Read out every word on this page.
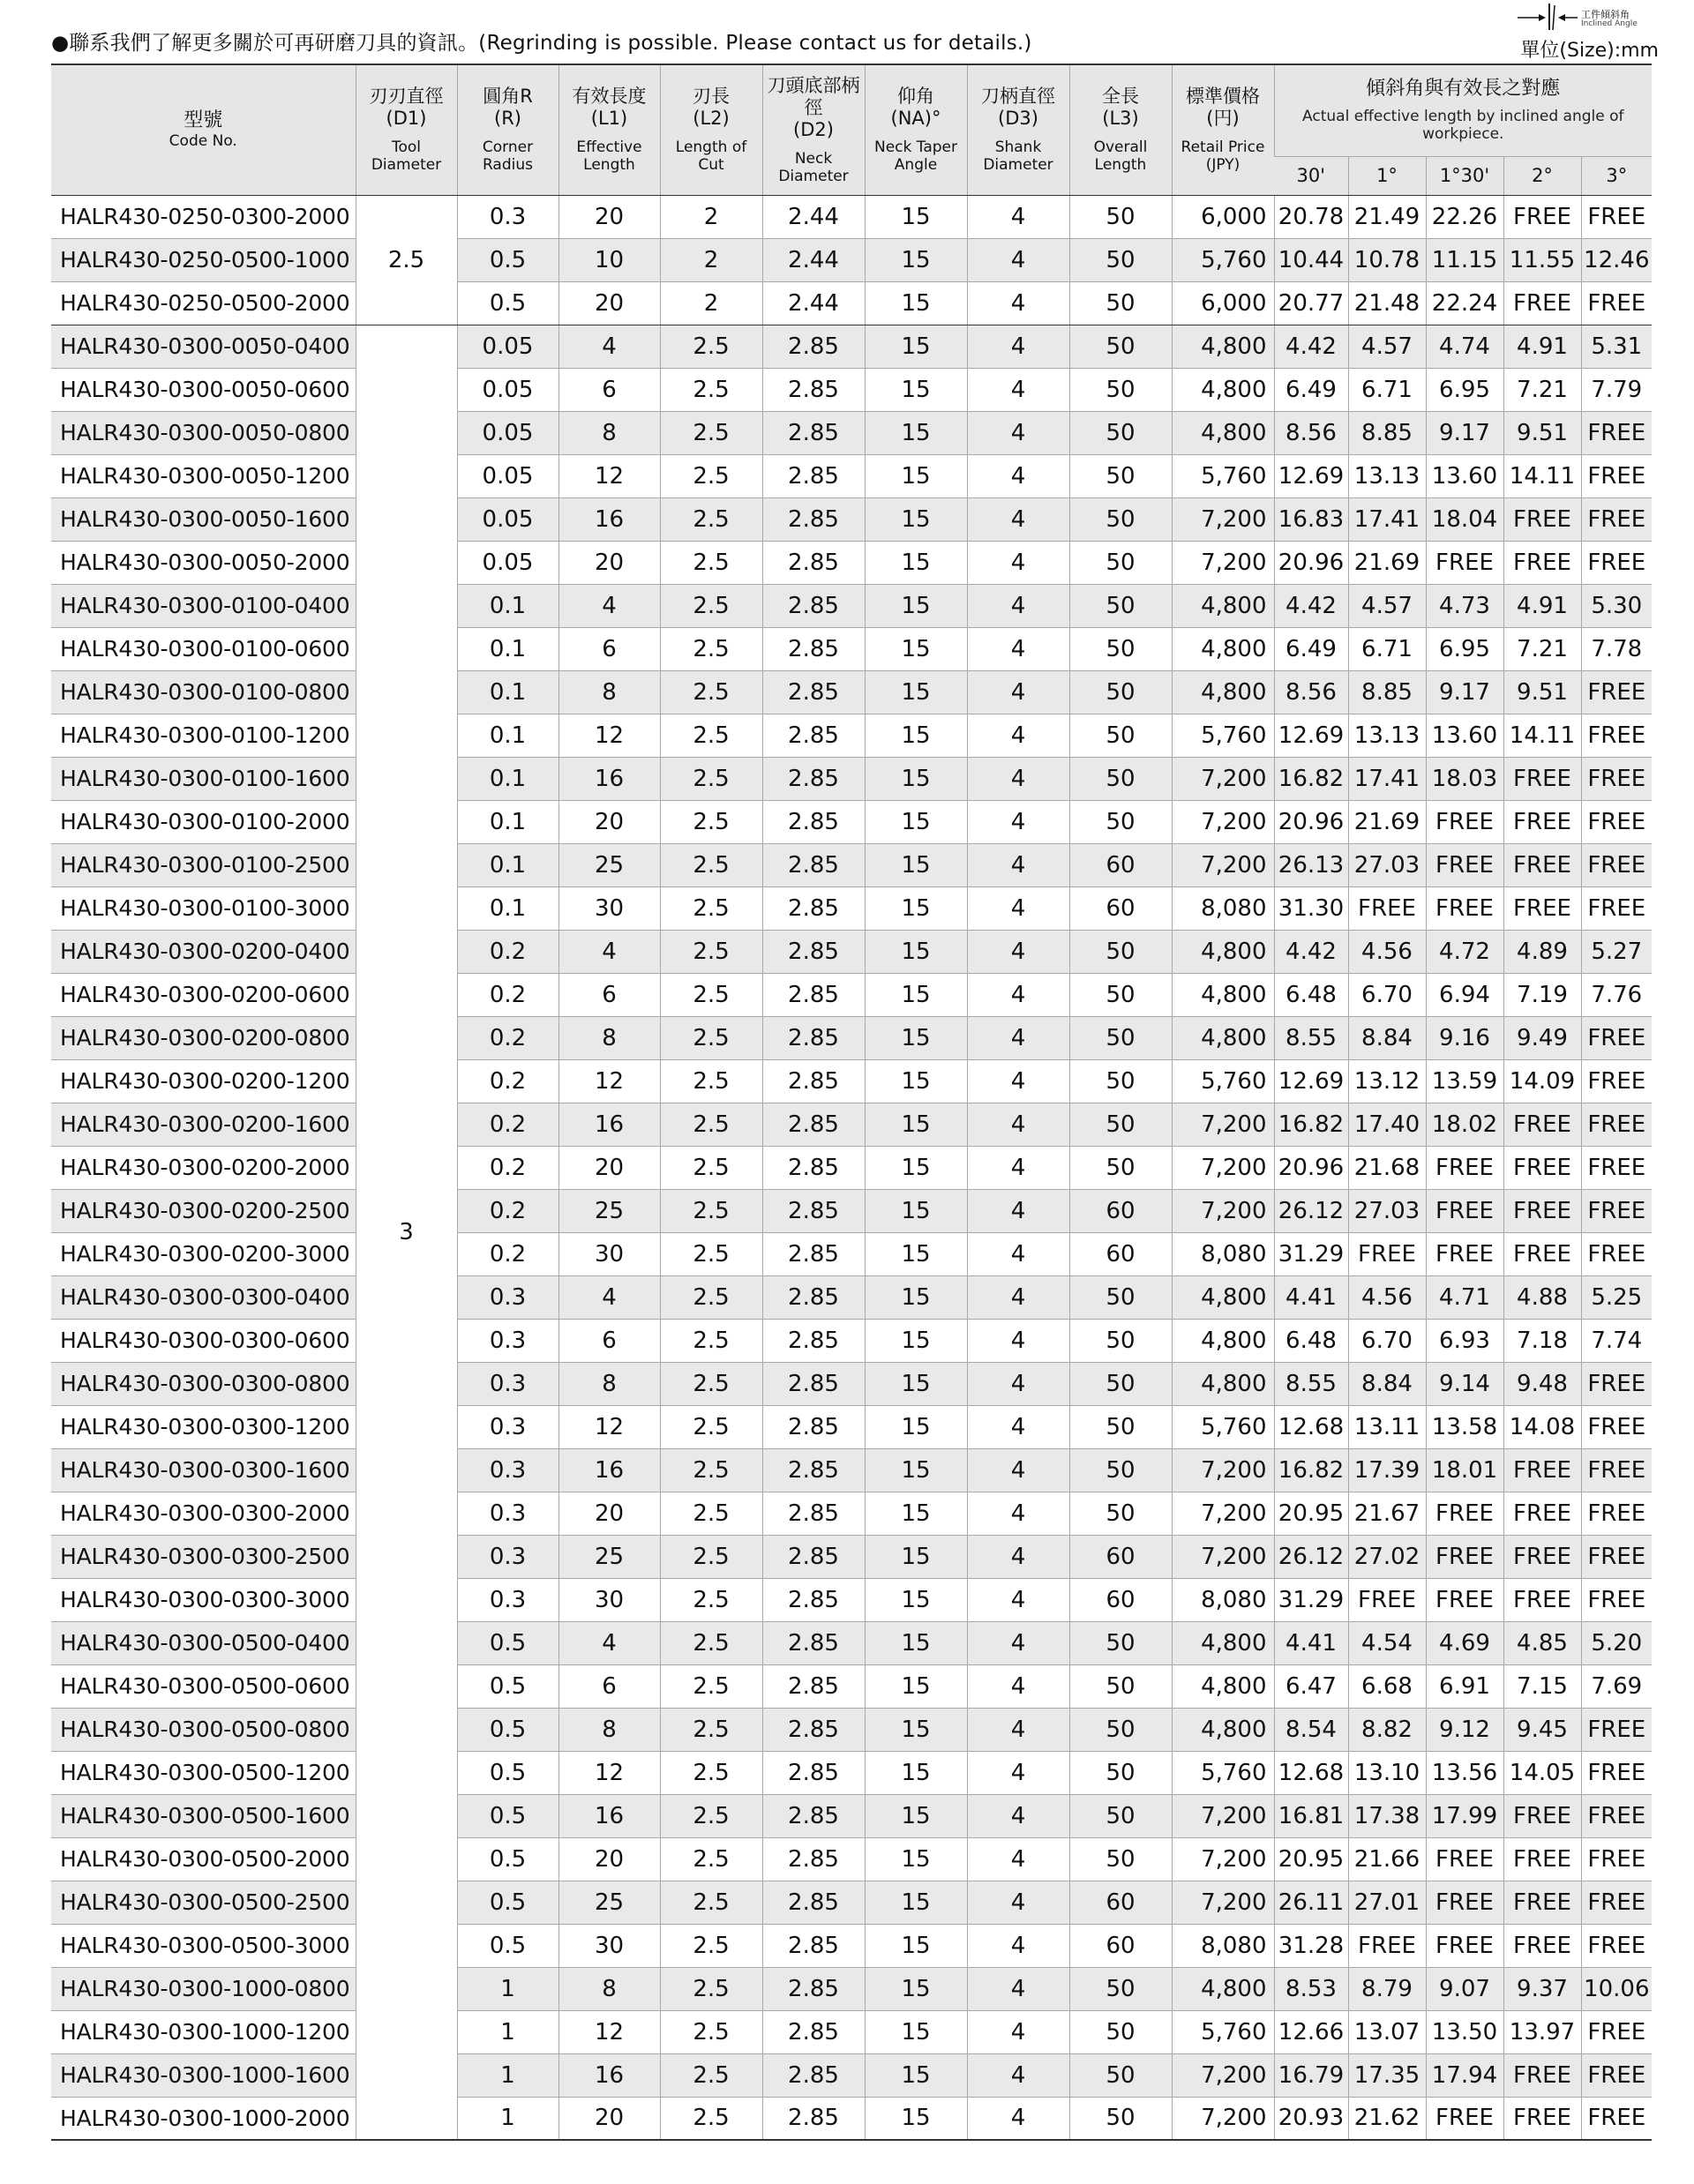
●聯系我們了解更多關於可再研磨刀具的資訊。(Regrinding is possible. Please contact us for details.)
工件傾斜角
Inclined Angle
單位(Size):mm
型號
Code No.	刃刃直徑
(D1)
Tool
Diameter	圓角R
(R)
Corner
Radius	有效長度
(L1)
Effective
Length	刃長
(L2)
Length of
Cut	刀頭底部柄徑
(D2)
Neck
Diameter	仰角
(NA)°
Neck Taper
Angle	刀柄直徑
(D3)
Shank
Diameter	全長
(L3)
Overall
Length	標準價格
(円)
Retail Price
(JPY)	傾斜角與有效長之對應
Actual effective length by inclined angle of workpiece.				

										30'	1°	1°30'	2°	3°
HALR430-0250-0300-2000	2.5	0.3	20	2	2.44	15	4	50	6,000	20.78	21.49	22.26	FREE	FREE
HALR430-0250-0500-1000		0.5	10	2	2.44	15	4	50	5,760	10.44	10.78	11.15	11.55	12.46
HALR430-0250-0500-2000		0.5	20	2	2.44	15	4	50	6,000	20.77	21.48	22.24	FREE	FREE
HALR430-0300-0050-0400	3	0.05	4	2.5	2.85	15	4	50	4,800	4.42	4.57	4.74	4.91	5.31
HALR430-0300-0050-0600		0.05	6	2.5	2.85	15	4	50	4,800	6.49	6.71	6.95	7.21	7.79
HALR430-0300-0050-0800		0.05	8	2.5	2.85	15	4	50	4,800	8.56	8.85	9.17	9.51	FREE
HALR430-0300-0050-1200		0.05	12	2.5	2.85	15	4	50	5,760	12.69	13.13	13.60	14.11	FREE
HALR430-0300-0050-1600		0.05	16	2.5	2.85	15	4	50	7,200	16.83	17.41	18.04	FREE	FREE
HALR430-0300-0050-2000		0.05	20	2.5	2.85	15	4	50	7,200	20.96	21.69	FREE	FREE	FREE
HALR430-0300-0100-0400		0.1	4	2.5	2.85	15	4	50	4,800	4.42	4.57	4.73	4.91	5.30
HALR430-0300-0100-0600		0.1	6	2.5	2.85	15	4	50	4,800	6.49	6.71	6.95	7.21	7.78
HALR430-0300-0100-0800		0.1	8	2.5	2.85	15	4	50	4,800	8.56	8.85	9.17	9.51	FREE
HALR430-0300-0100-1200		0.1	12	2.5	2.85	15	4	50	5,760	12.69	13.13	13.60	14.11	FREE
HALR430-0300-0100-1600		0.1	16	2.5	2.85	15	4	50	7,200	16.82	17.41	18.03	FREE	FREE
HALR430-0300-0100-2000		0.1	20	2.5	2.85	15	4	50	7,200	20.96	21.69	FREE	FREE	FREE
HALR430-0300-0100-2500		0.1	25	2.5	2.85	15	4	60	7,200	26.13	27.03	FREE	FREE	FREE
HALR430-0300-0100-3000		0.1	30	2.5	2.85	15	4	60	8,080	31.30	FREE	FREE	FREE	FREE
HALR430-0300-0200-0400		0.2	4	2.5	2.85	15	4	50	4,800	4.42	4.56	4.72	4.89	5.27
HALR430-0300-0200-0600		0.2	6	2.5	2.85	15	4	50	4,800	6.48	6.70	6.94	7.19	7.76
HALR430-0300-0200-0800		0.2	8	2.5	2.85	15	4	50	4,800	8.55	8.84	9.16	9.49	FREE
HALR430-0300-0200-1200		0.2	12	2.5	2.85	15	4	50	5,760	12.69	13.12	13.59	14.09	FREE
HALR430-0300-0200-1600		0.2	16	2.5	2.85	15	4	50	7,200	16.82	17.40	18.02	FREE	FREE
HALR430-0300-0200-2000		0.2	20	2.5	2.85	15	4	50	7,200	20.96	21.68	FREE	FREE	FREE
HALR430-0300-0200-2500		0.2	25	2.5	2.85	15	4	60	7,200	26.12	27.03	FREE	FREE	FREE
HALR430-0300-0200-3000		0.2	30	2.5	2.85	15	4	60	8,080	31.29	FREE	FREE	FREE	FREE
HALR430-0300-0300-0400		0.3	4	2.5	2.85	15	4	50	4,800	4.41	4.56	4.71	4.88	5.25
HALR430-0300-0300-0600		0.3	6	2.5	2.85	15	4	50	4,800	6.48	6.70	6.93	7.18	7.74
HALR430-0300-0300-0800		0.3	8	2.5	2.85	15	4	50	4,800	8.55	8.84	9.14	9.48	FREE
HALR430-0300-0300-1200		0.3	12	2.5	2.85	15	4	50	5,760	12.68	13.11	13.58	14.08	FREE
HALR430-0300-0300-1600		0.3	16	2.5	2.85	15	4	50	7,200	16.82	17.39	18.01	FREE	FREE
HALR430-0300-0300-2000		0.3	20	2.5	2.85	15	4	50	7,200	20.95	21.67	FREE	FREE	FREE
HALR430-0300-0300-2500		0.3	25	2.5	2.85	15	4	60	7,200	26.12	27.02	FREE	FREE	FREE
HALR430-0300-0300-3000		0.3	30	2.5	2.85	15	4	60	8,080	31.29	FREE	FREE	FREE	FREE
HALR430-0300-0500-0400		0.5	4	2.5	2.85	15	4	50	4,800	4.41	4.54	4.69	4.85	5.20
HALR430-0300-0500-0600		0.5	6	2.5	2.85	15	4	50	4,800	6.47	6.68	6.91	7.15	7.69
HALR430-0300-0500-0800		0.5	8	2.5	2.85	15	4	50	4,800	8.54	8.82	9.12	9.45	FREE
HALR430-0300-0500-1200		0.5	12	2.5	2.85	15	4	50	5,760	12.68	13.10	13.56	14.05	FREE
HALR430-0300-0500-1600		0.5	16	2.5	2.85	15	4	50	7,200	16.81	17.38	17.99	FREE	FREE
HALR430-0300-0500-2000		0.5	20	2.5	2.85	15	4	50	7,200	20.95	21.66	FREE	FREE	FREE
HALR430-0300-0500-2500		0.5	25	2.5	2.85	15	4	60	7,200	26.11	27.01	FREE	FREE	FREE
HALR430-0300-0500-3000		0.5	30	2.5	2.85	15	4	60	8,080	31.28	FREE	FREE	FREE	FREE
HALR430-0300-1000-0800		1	8	2.5	2.85	15	4	50	4,800	8.53	8.79	9.07	9.37	10.06
HALR430-0300-1000-1200		1	12	2.5	2.85	15	4	50	5,760	12.66	13.07	13.50	13.97	FREE
HALR430-0300-1000-1600		1	16	2.5	2.85	15	4	50	7,200	16.79	17.35	17.94	FREE	FREE
HALR430-0300-1000-2000		1	20	2.5	2.85	15	4	50	7,200	20.93	21.62	FREE	FREE	FREE
